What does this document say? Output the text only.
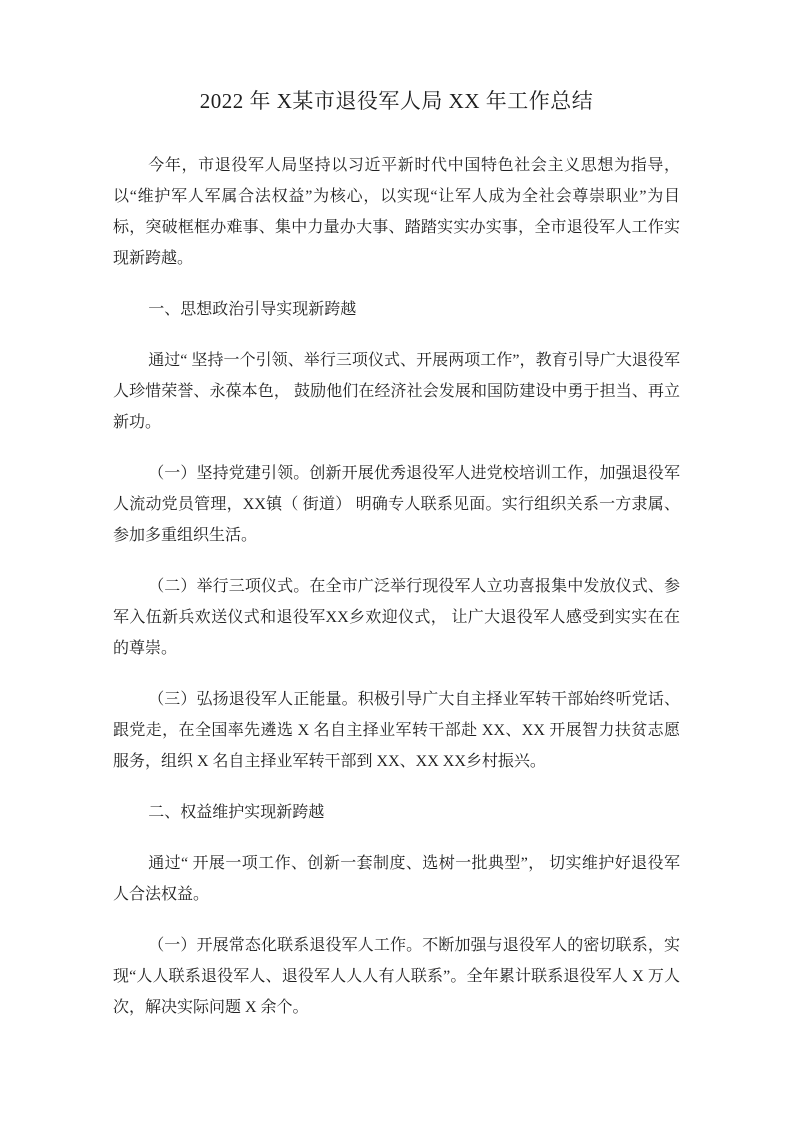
2022 年 X某市退役军人局 XX 年工作总结

今年，市退役军人局坚持以习近平新时代中国特色社会主义思想为指导，以“维护军人军属合法权益”为核心，以实现“让军人成为全社会尊崇职业”为目标，突破框框办难事、集中力量办大事、踏踏实实办实事，全市退役军人工作实现新跨越。

一、思想政治引导实现新跨越

通过“ 坚持一个引领、举行三项仪式、开展两项工作”，教育引导广大退役军人珍惜荣誉、永葆本色， 鼓励他们在经济社会发展和国防建设中勇于担当、再立新功。

（一）坚持党建引领。创新开展优秀退役军人进党校培训工作，加强退役军人流动党员管理，XX镇（ 街道） 明确专人联系见面。实行组织关系一方隶属、参加多重组织生活。

（二）举行三项仪式。在全市广泛举行现役军人立功喜报集中发放仪式、参军入伍新兵欢送仪式和退役军XX乡欢迎仪式， 让广大退役军人感受到实实在在的尊崇。

（三）弘扬退役军人正能量。积极引导广大自主择业军转干部始终听党话、跟党走，在全国率先遴选 X 名自主择业军转干部赴 XX、XX 开展智力扶贫志愿服务，组织 X 名自主择业军转干部到 XX、XX XX乡村振兴。

二、权益维护实现新跨越

通过“ 开展一项工作、创新一套制度、选树一批典型”， 切实维护好退役军人合法权益。

（一）开展常态化联系退役军人工作。不断加强与退役军人的密切联系，实现“人人联系退役军人、退役军人人人有人联系”。全年累计联系退役军人 X 万人次，解决实际问题 X 余个。
